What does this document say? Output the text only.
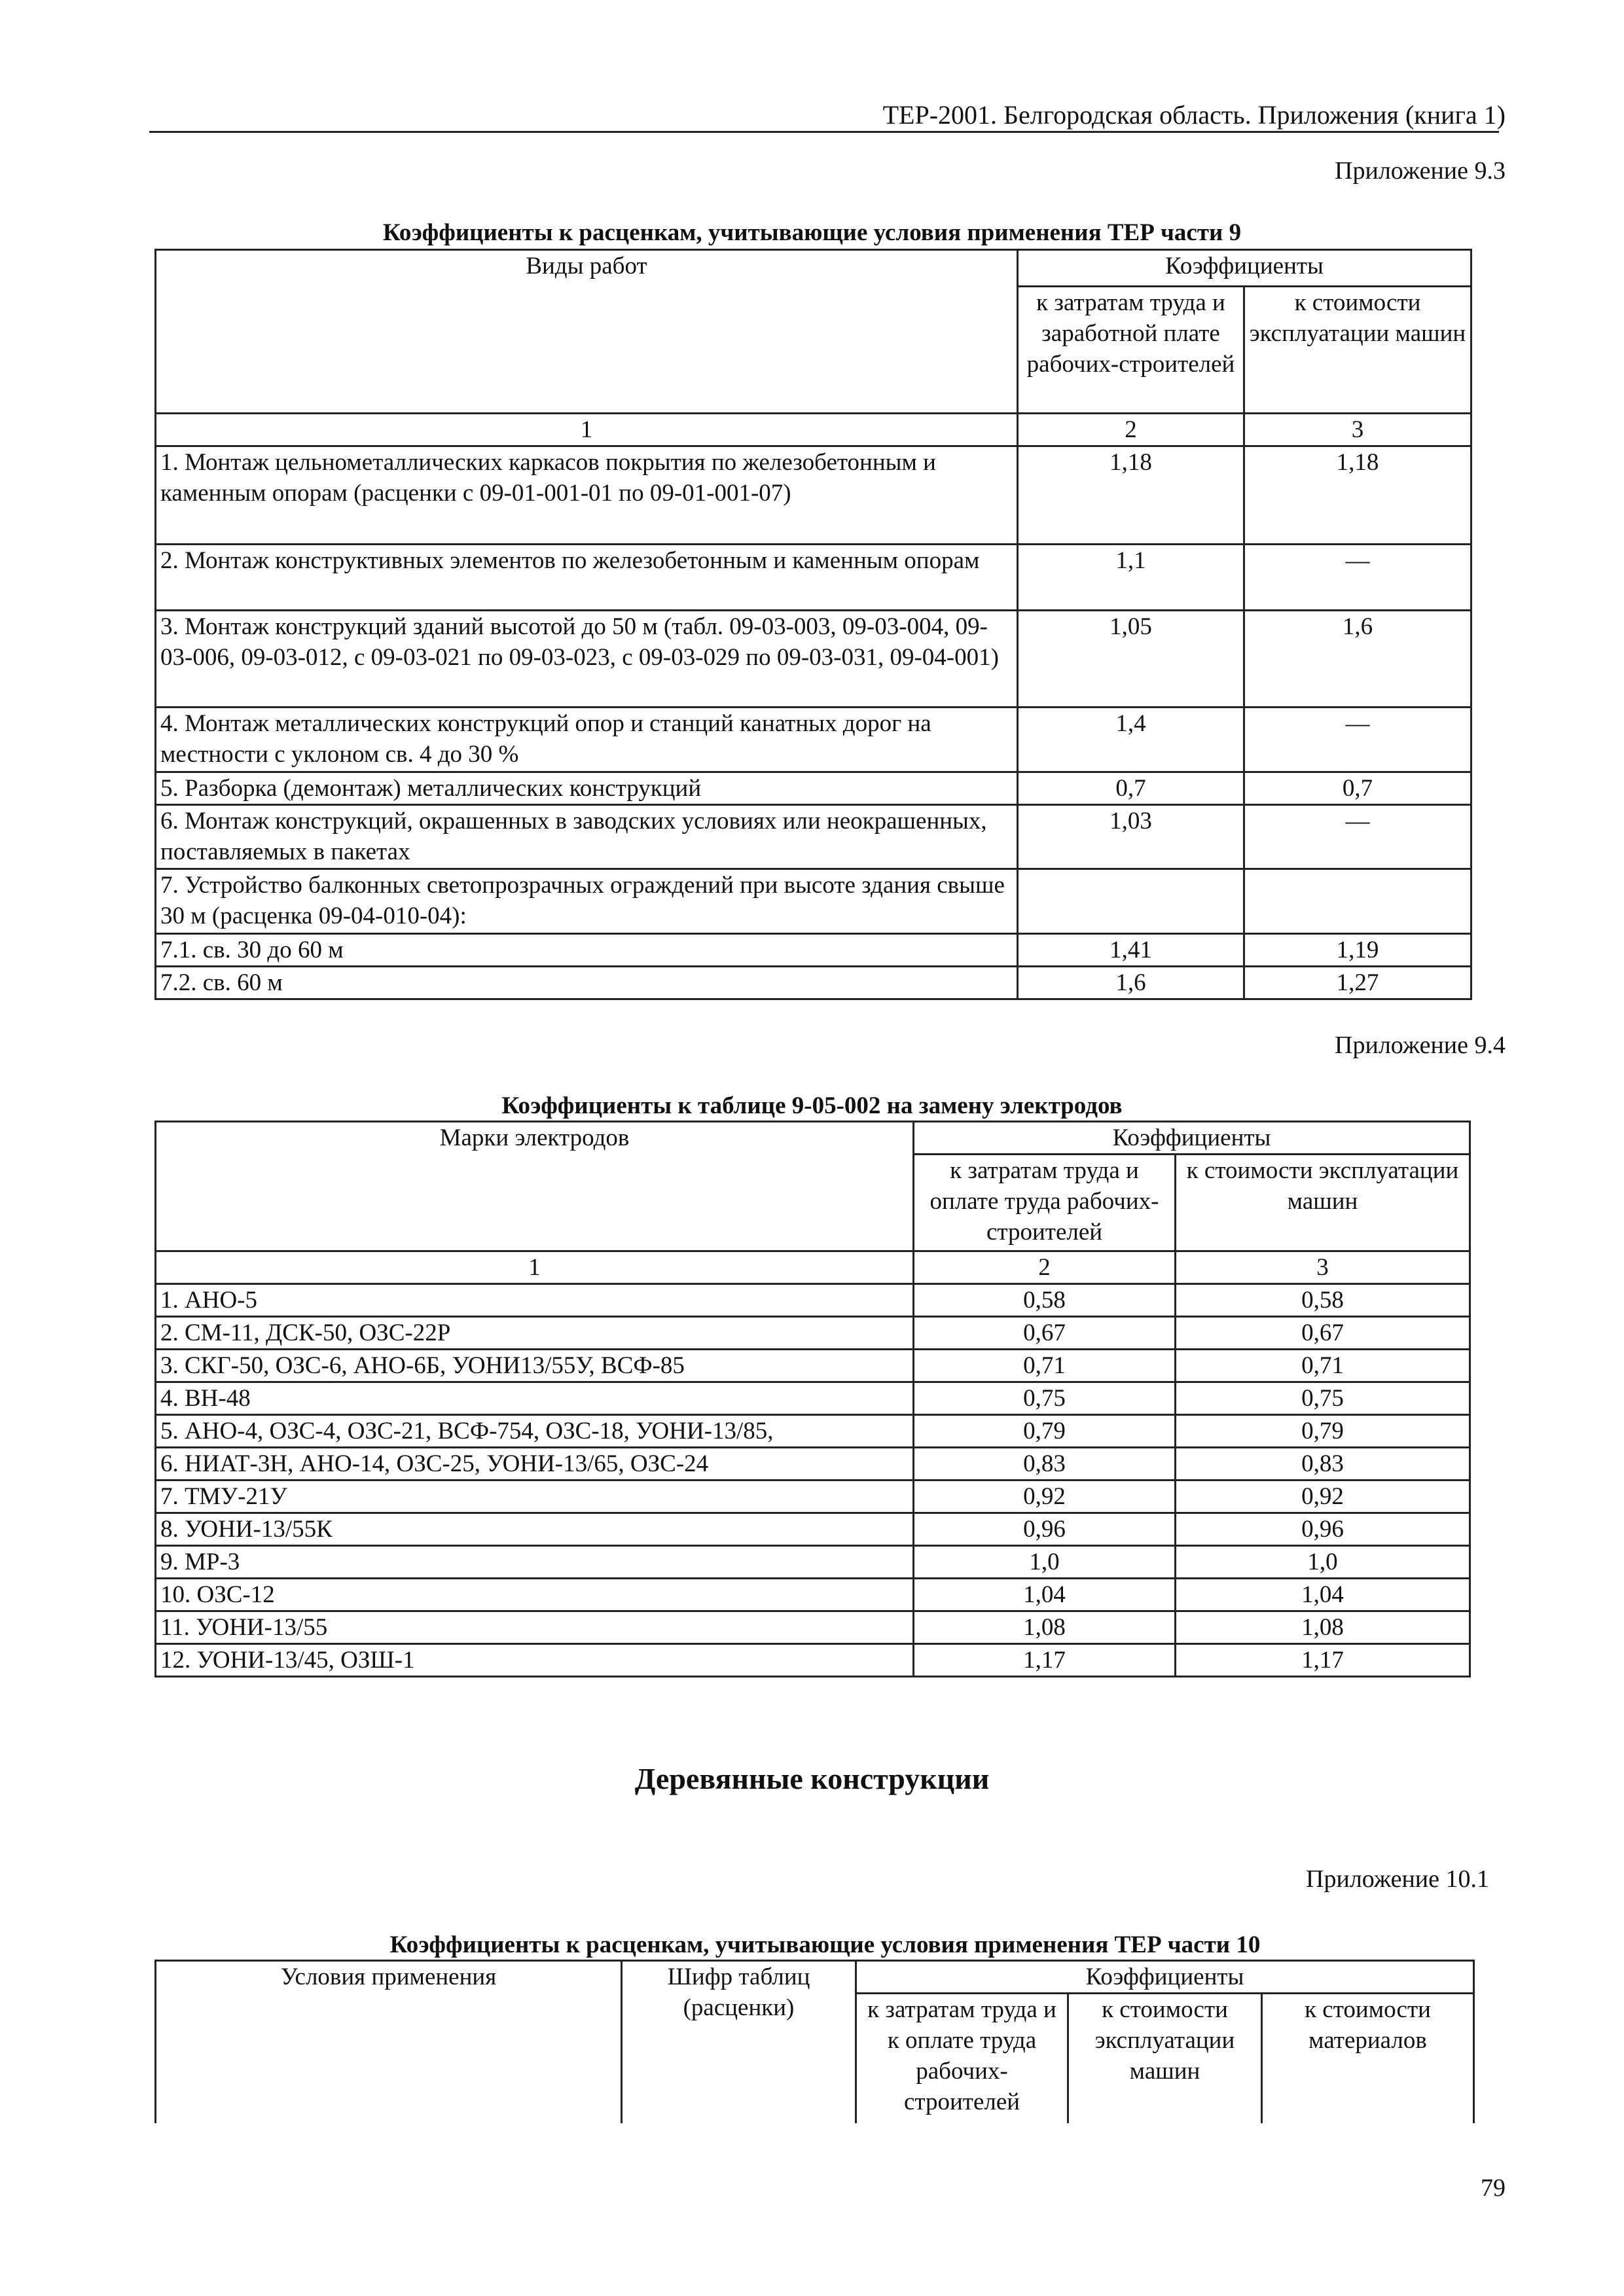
ТЕР-2001. Белгородская область. Приложения (книга 1)
Приложение 9.3
Коэффициенты к расценкам, учитывающие условия применения ТЕР части 9
Виды работ	Коэффициенты	
	к затратам труда и заработной плате рабочих-строителей	к стоимости эксплуатации машин
1	2	3
1. Монтаж цельнометаллических каркасов покрытия по железобетонным и каменным опорам (расценки с 09-01-001-01 по 09-01-001-07)	1,18	1,18
2. Монтаж конструктивных элементов по железобетонным и каменным опорам	1,1	—
3. Монтаж конструкций зданий высотой до 50 м (табл. 09-03-003, 09-03-004, 09-03-006, 09-03-012, с 09-03-021 по 09-03-023, с 09-03-029 по 09-03-031, 09-04-001)	1,05	1,6
4. Монтаж металлических конструкций опор и станций канатных дорог на местности с уклоном св. 4 до 30 %	1,4	—
5. Разборка (демонтаж) металлических конструкций	0,7	0,7
6. Монтаж конструкций, окрашенных в заводских условиях или неокрашенных, поставляемых в пакетах	1,03	—
7. Устройство балконных светопрозрачных ограждений при высоте здания свыше 30 м (расценка 09-04-010-04):		
7.1. св. 30 до 60 м	1,41	1,19
7.2. св. 60 м	1,6	1,27
Приложение 9.4
Коэффициенты к таблице 9-05-002 на замену электродов
Марки электродов	Коэффициенты	
	к затратам труда и оплате труда рабочих-строителей	к стоимости эксплуатации машин
1	2	3
1. АНО-5	0,58	0,58
2. СМ-11, ДСК-50, ОЗС-22Р	0,67	0,67
3. СКГ-50, ОЗС-6, АНО-6Б, УОНИ13/55У, ВСФ-85	0,71	0,71
4. ВН-48	0,75	0,75
5. АНО-4, ОЗС-4, ОЗС-21, ВСФ-754, ОЗС-18, УОНИ-13/85,	0,79	0,79
6. НИАТ-3Н, АНО-14, ОЗС-25, УОНИ-13/65, ОЗС-24	0,83	0,83
7. ТМУ-21У	0,92	0,92
8. УОНИ-13/55К	0,96	0,96
9. МР-3	1,0	1,0
10. ОЗС-12	1,04	1,04
11. УОНИ-13/55	1,08	1,08
12. УОНИ-13/45, ОЗШ-1	1,17	1,17
Деревянные конструкции
Приложение 10.1
Коэффициенты к расценкам, учитывающие условия применения ТЕР части 10
Условия применения	Шифр таблиц (расценки)	Коэффициенты		
		к затратам труда и к оплате труда рабочих-строителей	к стоимости эксплуатации машин	к стоимости материалов
79
